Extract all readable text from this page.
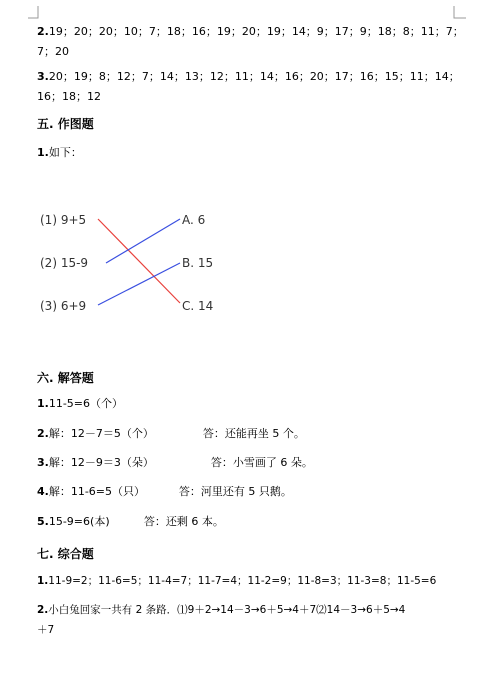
2.19；20；20；10；7；18；16；19；20；19；14；9；17；9；18；8；11；7；
7；20
3.20；19；8；12；7；14；13；12；11；14；16；20；17；16；15；11；14；
16；18；12
五. 作图题
1.如下：
(1) 9+5
(2) 15-9
(3) 6+9
A. 6
B. 15
C. 14
六. 解答题
1.11-5=6（个）
2.解：12－7＝5（个）	答：还能再坐 5 个。
3.解：12－9＝3（朵）	答：小雪画了 6 朵。
4.解：11-6=5（只）	答：河里还有 5 只鹅。
5.15-9=6(本)	答：还剩 6 本。
七. 综合题
1.11-9=2；11-6=5；11-4=7；11-7=4；11-2=9；11-8=3；11-3=8；11-5=6
2.小白兔回家一共有 2 条路．⑴9＋2→14－3→6＋5→4＋7⑵14－3→6＋5→4
＋7
